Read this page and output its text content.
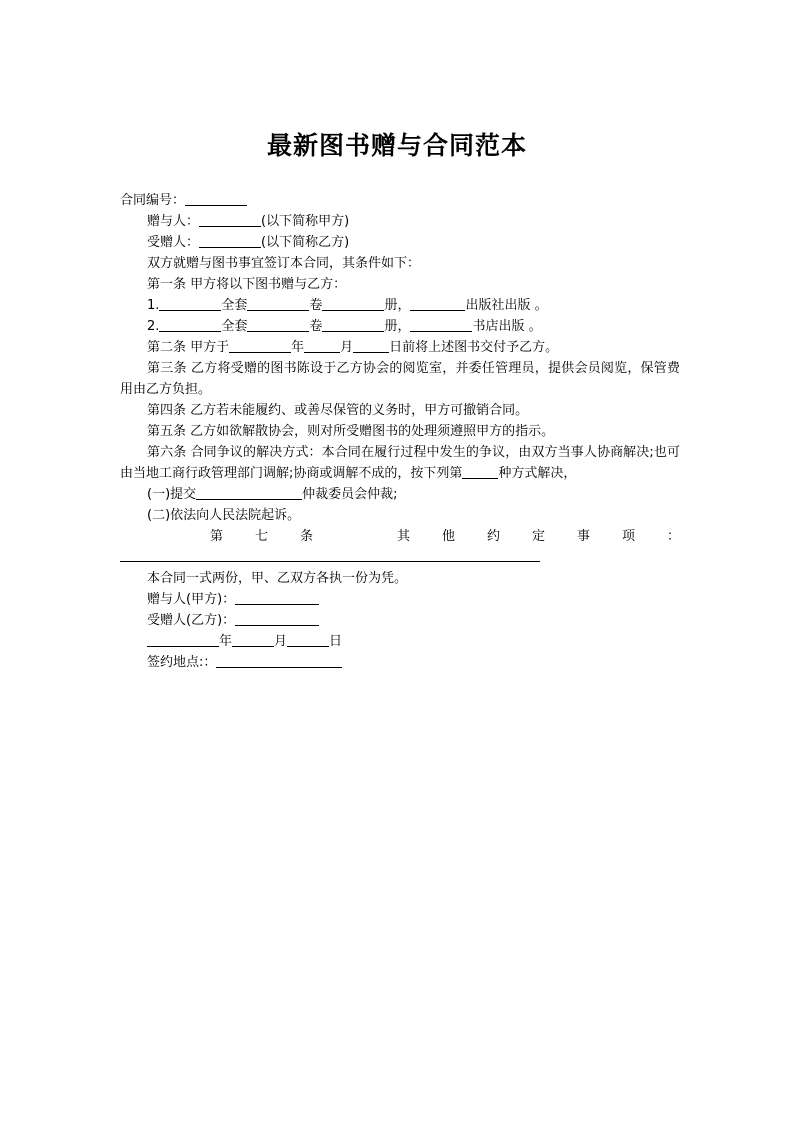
最新图书赠与合同范本
合同编号：
赠与人：	(以下简称甲方)
受赠人：	(以下简称乙方)
双方就赠与图书事宜签订本合同，其条件如下：
第一条 甲方将以下图书赠与乙方：
1.	全套	卷	册，	出版社出版 。
2.	全套	卷	册，	书店出版 。
第二条 甲方于	年	月	日前将上述图书交付予乙方。
第三条 乙方将受赠的图书陈设于乙方协会的阅览室，并委任管理员，提供会员阅览，保管费用由乙方负担。
第四条 乙方若未能履约、或善尽保管的义务时，甲方可撤销合同。
第五条 乙方如欲解散协会，则对所受赠图书的处理须遵照甲方的指示。
第六条 合同争议的解决方式：本合同在履行过程中发生的争议，由双方当事人协商解决;也可由当地工商行政管理部门调解;协商或调解不成的，按下列第	种方式解决，
(一)提交	仲裁委员会仲裁;
(二)依法向人民法院起诉。
第 七 条	其 他 约 定 事 项 ：
本合同一式两份，甲、乙双方各执一份为凭。
赠与人(甲方)：
受赠人(乙方)：
年	月	日
签约地点:：
